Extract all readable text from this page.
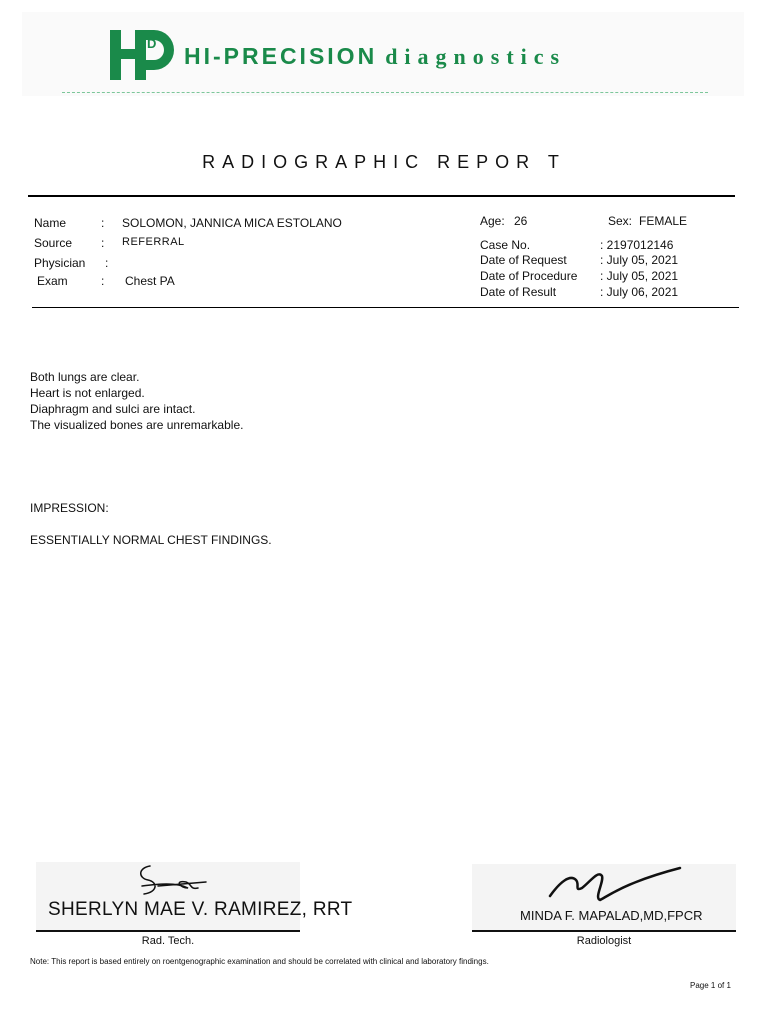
D HI-PRECISION diagnostics
RADIOGRAPHIC REPOR T
Name	: SOLOMON, JANNICA MICA ESTOLANO
Source : REFERRAL
Physician :
Exam	: Chest PA
Age: 26	Sex: FEMALE
Case No.	: 2197012146
Date of Request	: July 05, 2021
Date of Procedure : July 05, 2021
Date of Result	: July 06, 2021
Both lungs are clear.
Heart is not enlarged.
Diaphragm and sulci are intact.
The visualized bones are unremarkable.
IMPRESSION:
ESSENTIALLY NORMAL CHEST FINDINGS.
SHERLYN MAE V. RAMIREZ, RRT
Rad. Tech.
MINDA F. MAPALAD,MD,FPCR
Radiologist
Note: This report is based entirely on roentgenographic examination and should be correlated with clinical and laboratory findings.
Page 1 of 1
